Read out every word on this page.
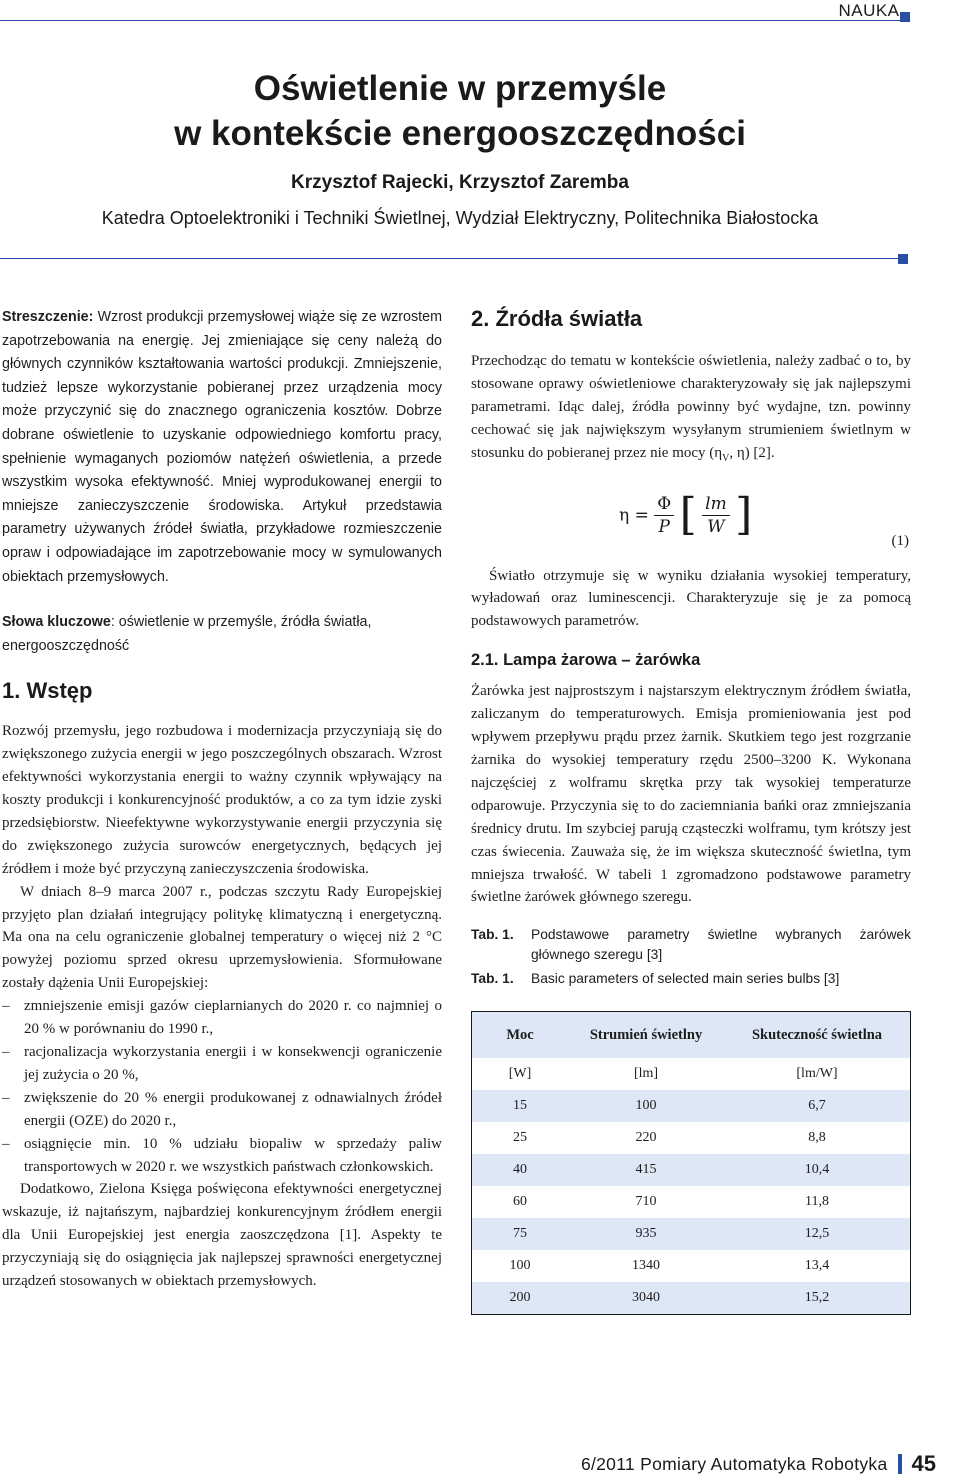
NAUKA
Oświetlenie w przemyśle
w kontekście energooszczędności
Krzysztof Rajecki, Krzysztof Zaremba
Katedra Optoelektroniki i Techniki Świetlnej, Wydział Elektryczny, Politechnika Białostocka

Streszczenie: Wzrost produkcji przemysłowej wiąże się ze wzrostem zapotrzebowania na energię. Jej zmieniające się ceny należą do głównych czynników kształtowania wartości produkcji. Zmniejszenie, tudzież lepsze wykorzystanie pobieranej przez urządzenia mocy może przyczynić się do znacznego ograniczenia kosztów. Dobrze dobrane oświetlenie to uzyskanie odpowiedniego komfortu pracy, spełnienie wymaganych poziomów natężeń oświetlenia, a przede wszystkim wysoka efektywność. Mniej wyprodukowanej energii to mniejsze zanieczyszczenie środowiska. Artykuł przedstawia parametry używanych źródeł światła, przykładowe rozmieszczenie opraw i odpowiadające im zapotrzebowanie mocy w symulowanych obiektach przemysłowych.

Słowa kluczowe: oświetlenie w przemyśle, źródła światła, energooszczędność

1. Wstęp

Rozwój przemysłu, jego rozbudowa i modernizacja przyczyniają się do zwiększonego zużycia energii w jego poszczególnych obszarach. Wzrost efektywności wykorzystania energii to ważny czynnik wpływający na koszty produkcji i konkurencyjność produktów, a co za tym idzie zyski przedsiębiorstw. Nieefektywne wykorzystywanie energii przyczynia się do zwiększonego zużycia surowców energetycznych, będących jej źródłem i może być przyczyną zanieczyszczenia środowiska.

W dniach 8–9 marca 2007 r., podczas szczytu Rady Europejskiej przyjęto plan działań integrujący politykę klimatyczną i energetyczną. Ma ona na celu ograniczenie globalnej temperatury o więcej niż 2 °C powyżej poziomu sprzed okresu uprzemysłowienia. Sformułowane zostały dążenia Unii Europejskiej:

– zmniejszenie emisji gazów cieplarnianych do 2020 r. co najmniej o 20 % w porównaniu do 1990 r.,
– racjonalizacja wykorzystania energii i w konsekwencji ograniczenie jej zużycia o 20 %,
– zwiększenie do 20 % energii produkowanej z odnawialnych źródeł energii (OZE) do 2020 r.,
– osiągnięcie min. 10 % udziału biopaliw w sprzedaży paliw transportowych w 2020 r. we wszystkich państwach członkowskich.

Dodatkowo, Zielona Księga poświęcona efektywności energetycznej wskazuje, iż najtańszym, najbardziej konkurencyjnym źródłem energii dla Unii Europejskiej jest energia zaoszczędzona [1]. Aspekty te przyczyniają się do osiągnięcia jak najlepszej sprawności energetycznej urządzeń stosowanych w obiektach przemysłowych.

2. Źródła światła

Przechodząc do tematu w kontekście oświetlenia, należy zadbać o to, by stosowane oprawy oświetleniowe charakteryzowały się jak najlepszymi parametrami. Idąc dalej, źródła powinny być wydajne, tzn. powinny cechować się jak największym wysyłanym strumieniem świetlnym w stosunku do pobieranej przez nie mocy ($\eta_V$, η) [2].

$\eta = \frac{\Phi}{P}$ [ $\frac{lm}{W}$ ]
(1)

Światło otrzymuje się w wyniku działania wysokiej temperatury, wyładowań oraz luminescencji. Charakteryzuje się je za pomocą podstawowych parametrów.

2.1. Lampa żarowa – żarówka

Żarówka jest najprostszym i najstarszym elektrycznym źródłem światła, zaliczanym do temperaturowych. Emisja promieniowania jest pod wpływem przepływu prądu przez żarnik. Skutkiem tego jest rozgrzanie żarnika do wysokiej temperatury rzędu 2500–3200 K. Wykonana najczęściej z wolframu skrętka przy tak wysokiej temperaturze odparowuje. Przyczynia się to do zaciemniania bańki oraz zmniejszania średnicy drutu. Im szybciej parują cząsteczki wolframu, tym krótszy jest czas świecenia. Zauważa się, że im większa skuteczność świetlna, tym mniejsza trwałość. W tabeli 1 zgromadzono podstawowe parametry świetlne żarówek głównego szeregu.

Tab. 1.	Podstawowe parametry świetlne wybranych żarówek głównego szeregu [3]
Tab. 1.	Basic parameters of selected main series bulbs [3]
Moc	Strumień świetlny	Skuteczność świetlna
[W]	[lm]	[lm/W]
15	100	6,7
25	220	8,8
40	415	10,4
60	710	11,8
75	935	12,5
100	1340	13,4
200	3040	15,2
6/2011 Pomiary Automatyka Robotyka 45
